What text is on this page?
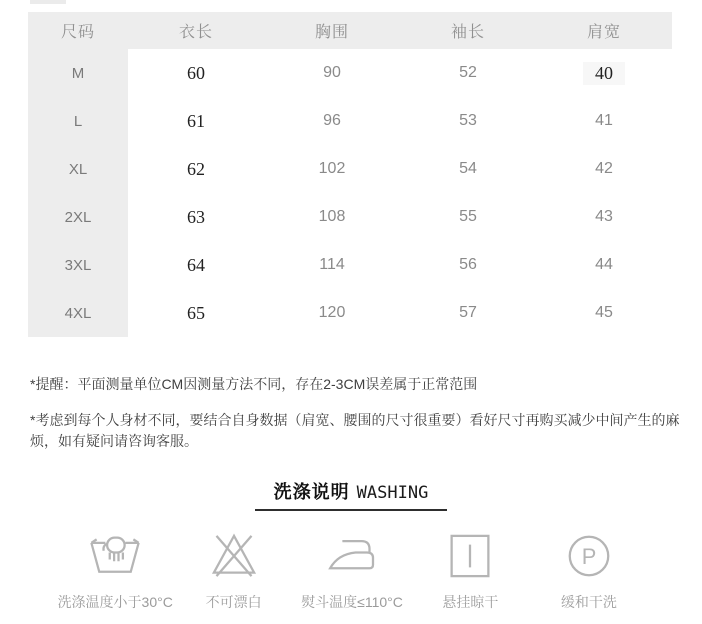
尺码	衣长	胸围	袖长	肩宽
M	60	90	52	40
L	61	96	53	41
XL	62	102	54	42
2XL	63	108	55	43
3XL	64	114	56	44
4XL	65	120	57	45
*提醒：平面测量单位CM因测量方法不同，存在2-3CM误差属于正常范围
*考虑到每个人身材不同，要结合自身数据（肩宽、腰围的尺寸很重要）看好尺寸再购买减少中间产生的麻烦，如有疑问请咨询客服。
洗涤说明 WASHING
洗涤温度小于30°C 不可漂白	熨斗温度≤110°C	悬挂晾干
P
缓和干洗
